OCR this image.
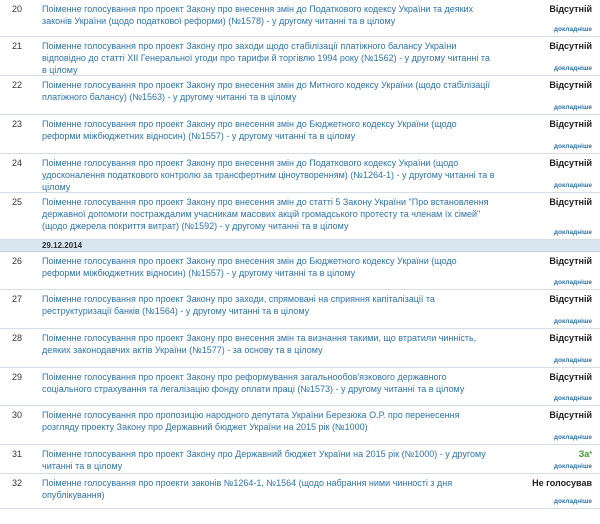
20	Поіменне голосування про проект Закону про внесення змін до Податкового кодексу України та деяких законів України (щодо податкової реформи) (№1578) - у другому читанні та в цілому
Відсутній
докладніше
21	Поіменне голосування про проект Закону про заходи щодо стабілізації платіжного балансу України відповідно до статті XII Генеральної угоди про тарифи й торгівлю 1994 року (№1562) - у другому читанні та в цілому
Відсутній
докладніше
22	Поіменне голосування про проект Закону про внесення змін до Митного кодексу України (щодо стабілізації платіжного балансу) (№1563) - у другому читанні та в цілому
Відсутній
докладніше
23	Поіменне голосування про проект Закону про внесення змін до Бюджетного кодексу України (щодо реформи міжбюджетних відносин) (№1557) - у другому читанні та в цілому
Відсутній
докладніше
24	Поіменне голосування про проект Закону про внесення змін до Податкового кодексу України (щодо удосконалення податкового контролю за трансфертним ціноутворенням) (№1264-1) - у другому читанні та в цілому
Відсутній
докладніше
25	Поіменне голосування про проект Закону про внесення змін до статті 5 Закону України "Про встановлення державної допомоги постраждалим учасникам масових акцій громадського протесту та членам їх сімей" (щодо джерела покриття витрат) (№1592) - у другому читанні та в цілому
Відсутній
докладніше
29.12.2014
26	Поіменне голосування про проект Закону про внесення змін до Бюджетного кодексу України (щодо реформи міжбюджетних відносин) (№1557) - у другому читанні та в цілому
Відсутній
докладніше
27	Поіменне голосування про проект Закону про заходи, спрямовані на сприяння капіталізації та реструктуризації банків (№1564) - у другому читанні та в цілому
Відсутній
докладніше
28	Поіменне голосування про проект Закону про внесення змін та визнання такими, що втратили чинність, деяких законодавчих актів України (№1577) - за основу та в цілому
Відсутній
докладніше
29	Поіменне голосування про проект Закону про реформування загальнообов'язкового державного соціального страхування та легалізацію фонду оплати праці (№1573) - у другому читанні та в цілому
Відсутній
докладніше
30	Поіменне голосування про пропозицію народного депутата України Березюка О.Р. про перенесення розгляду проекту Закону про Державний бюджет України на 2015 рік (№1000)
Відсутній
докладніше
31	Поіменне голосування про проект Закону про Державний бюджет України на 2015 рік (№1000) - у другому читанні та в цілому
За*
докладніше
32	Поіменне голосування про проекти законів №1264-1, №1564 (щодо набрання ними чинності з дня опублікування)
Не голосував
докладніше
